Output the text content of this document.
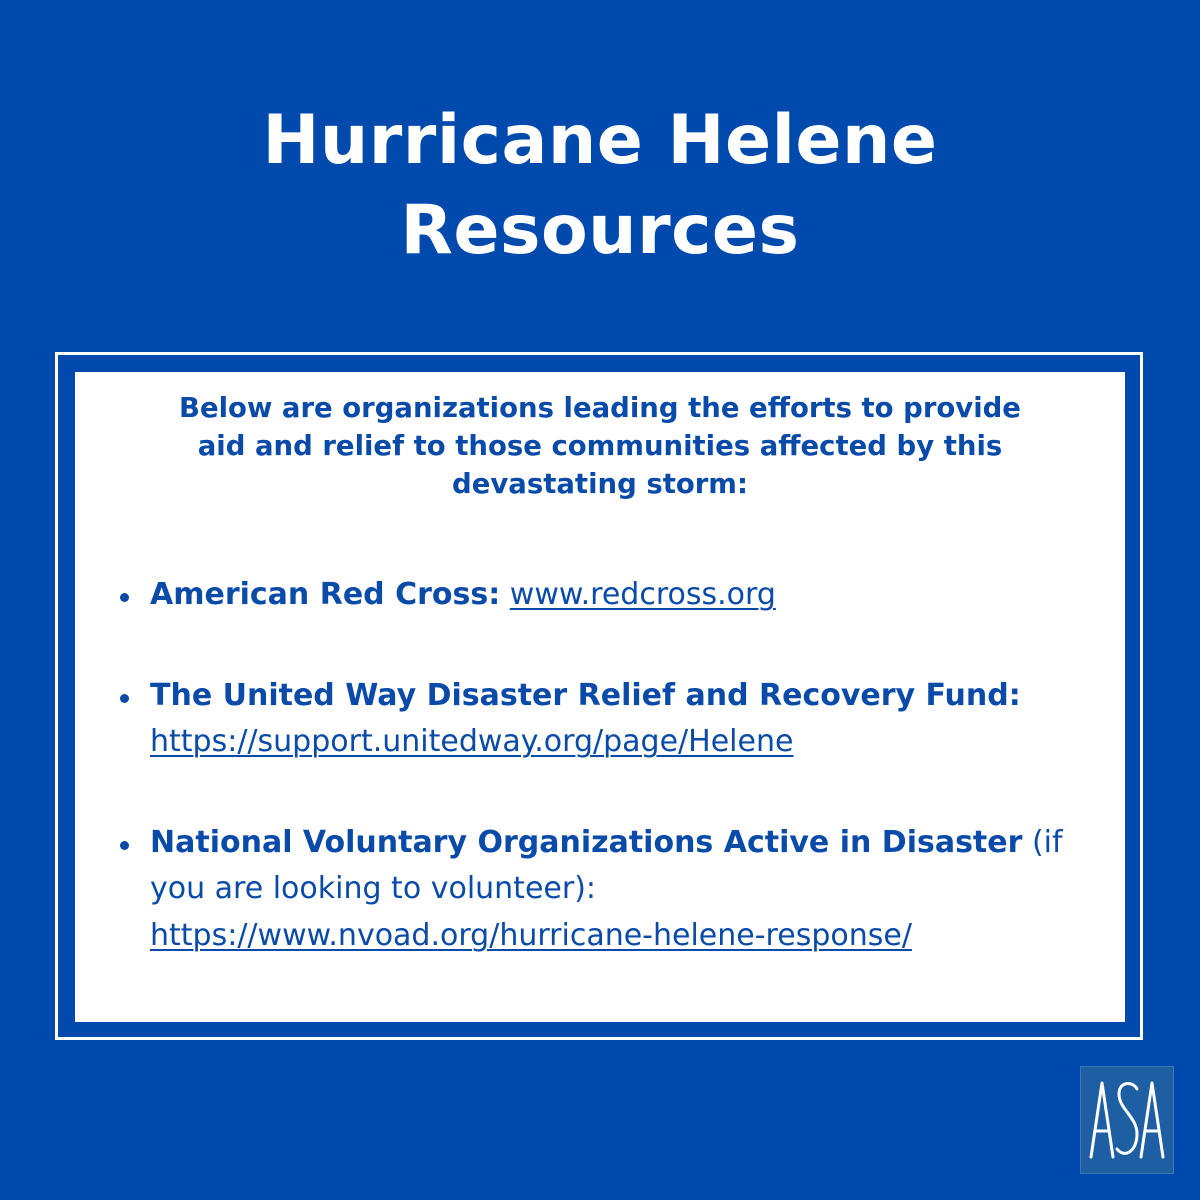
Hurricane Helene
Resources

Below are organizations leading the efforts to provide
aid and relief to those communities affected by this
devastating storm:

American Red Cross: www.redcross.org
The United Way Disaster Relief and Recovery Fund: https://support.unitedway.org/page/Helene
National Voluntary Organizations Active in Disaster (if you are looking to volunteer): https://www.nvoad.org/hurricane-helene-response/
